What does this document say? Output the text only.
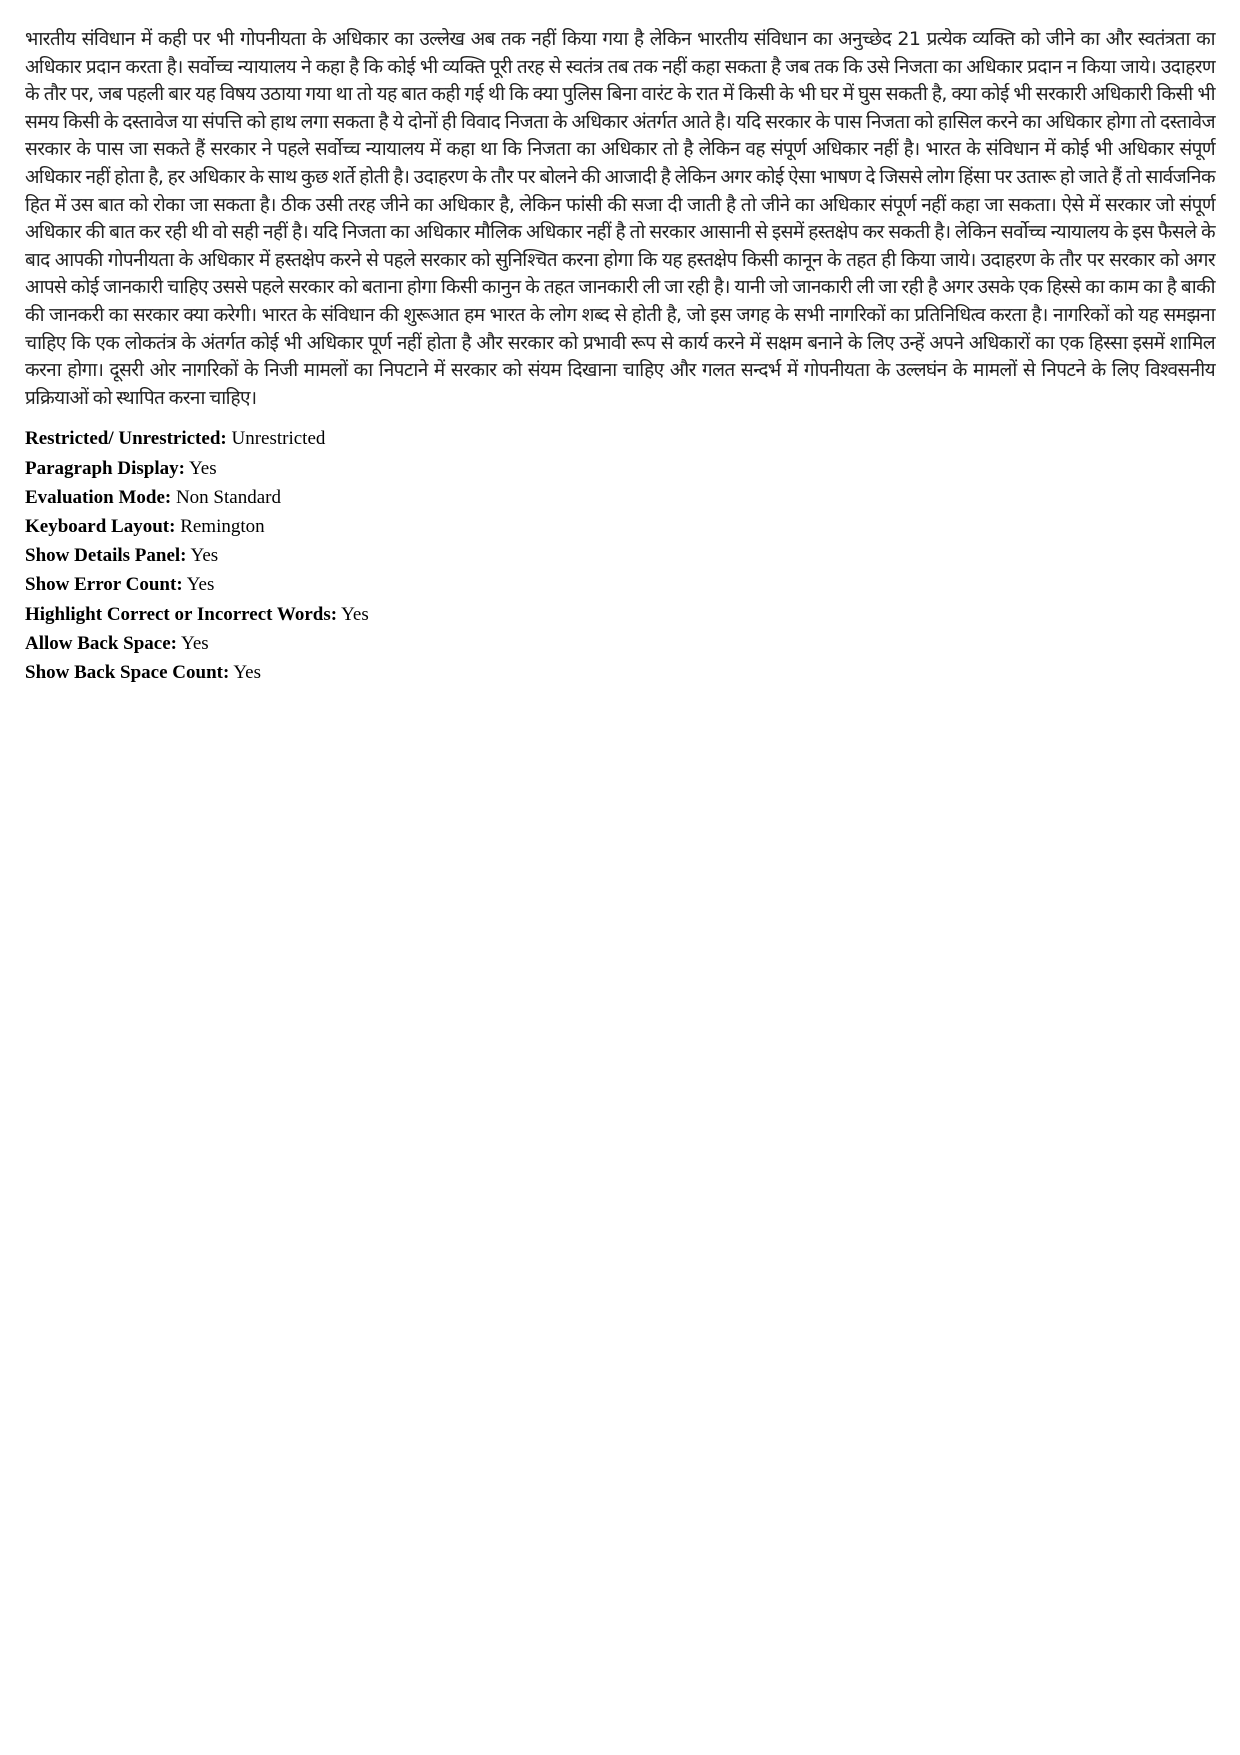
भारतीय संविधान में कही पर भी गोपनीयता के अधिकार का उल्लेख अब तक नहीं किया गया है लेकिन भारतीय संविधान का अनुच्छेद 21 प्रत्येक व्यक्ति को जीने का और स्वतंत्रता का अधिकार प्रदान करता है। सर्वोच्च न्यायालय ने कहा है कि कोई भी व्यक्ति पूरी तरह से स्वतंत्र तब तक नहीं कहा सकता है जब तक कि उसे निजता का अधिकार प्रदान न किया जाये। उदाहरण के तौर पर, जब पहली बार यह विषय उठाया गया था तो यह बात कही गई थी कि क्या पुलिस बिना वारंट के रात में किसी के भी घर में घुस सकती है, क्या कोई भी सरकारी अधिकारी किसी भी समय किसी के दस्तावेज या संपत्ति को हाथ लगा सकता है ये दोनों ही विवाद निजता के अधिकार अंतर्गत आते है। यदि सरकार के पास निजता को हासिल करने का अधिकार होगा तो दस्तावेज सरकार के पास जा सकते हैं सरकार ने पहले सर्वोच्च न्यायालय में कहा था कि निजता का अधिकार तो है लेकिन वह संपूर्ण अधिकार नहीं है। भारत के संविधान में कोई भी अधिकार संपूर्ण अधिकार नहीं होता है, हर अधिकार के साथ कुछ शर्ते होती है। उदाहरण के तौर पर बोलने की आजादी है लेकिन अगर कोई ऐसा भाषण दे जिससे लोग हिंसा पर उतारू हो जाते हैं तो सार्वजनिक हित में उस बात को रोका जा सकता है। ठीक उसी तरह जीने का अधिकार है, लेकिन फांसी की सजा दी जाती है तो जीने का अधिकार संपूर्ण नहीं कहा जा सकता। ऐसे में सरकार जो संपूर्ण अधिकार की बात कर रही थी वो सही नहीं है। यदि निजता का अधिकार मौलिक अधिकार नहीं है तो सरकार आसानी से इसमें हस्तक्षेप कर सकती है। लेकिन सर्वोच्च न्यायालय के इस फैसले के बाद आपकी गोपनीयता के अधिकार में हस्तक्षेप करने से पहले सरकार को सुनिश्चित करना होगा कि यह हस्तक्षेप किसी कानून के तहत ही किया जाये। उदाहरण के तौर पर सरकार को अगर आपसे कोई जानकारी चाहिए उससे पहले सरकार को बताना होगा किसी कानुन के तहत जानकारी ली जा रही है। यानी जो जानकारी ली जा रही है अगर उसके एक हिस्से का काम का है बाकी की जानकरी का सरकार क्या करेगी। भारत के संविधान की शुरूआत हम भारत के लोग शब्द से होती है, जो इस जगह के सभी नागरिकों का प्रतिनिधित्व करता है। नागरिकों को यह समझना चाहिए कि एक लोकतंत्र के अंतर्गत कोई भी अधिकार पूर्ण नहीं होता है और सरकार को प्रभावी रूप से कार्य करने में सक्षम बनाने के लिए उन्हें अपने अधिकारों का एक हिस्सा इसमें शामिल करना होगा। दूसरी ओर नागरिकों के निजी मामलों का निपटाने में सरकार को संयम दिखाना चाहिए और गलत सन्दर्भ में गोपनीयता के उल्लघंन के मामलों से निपटने के लिए विश्वसनीय प्रक्रियाओं को स्थापित करना चाहिए।

Restricted/ Unrestricted: Unrestricted
Paragraph Display: Yes
Evaluation Mode: Non Standard
Keyboard Layout: Remington
Show Details Panel: Yes
Show Error Count: Yes
Highlight Correct or Incorrect Words: Yes
Allow Back Space: Yes
Show Back Space Count: Yes
